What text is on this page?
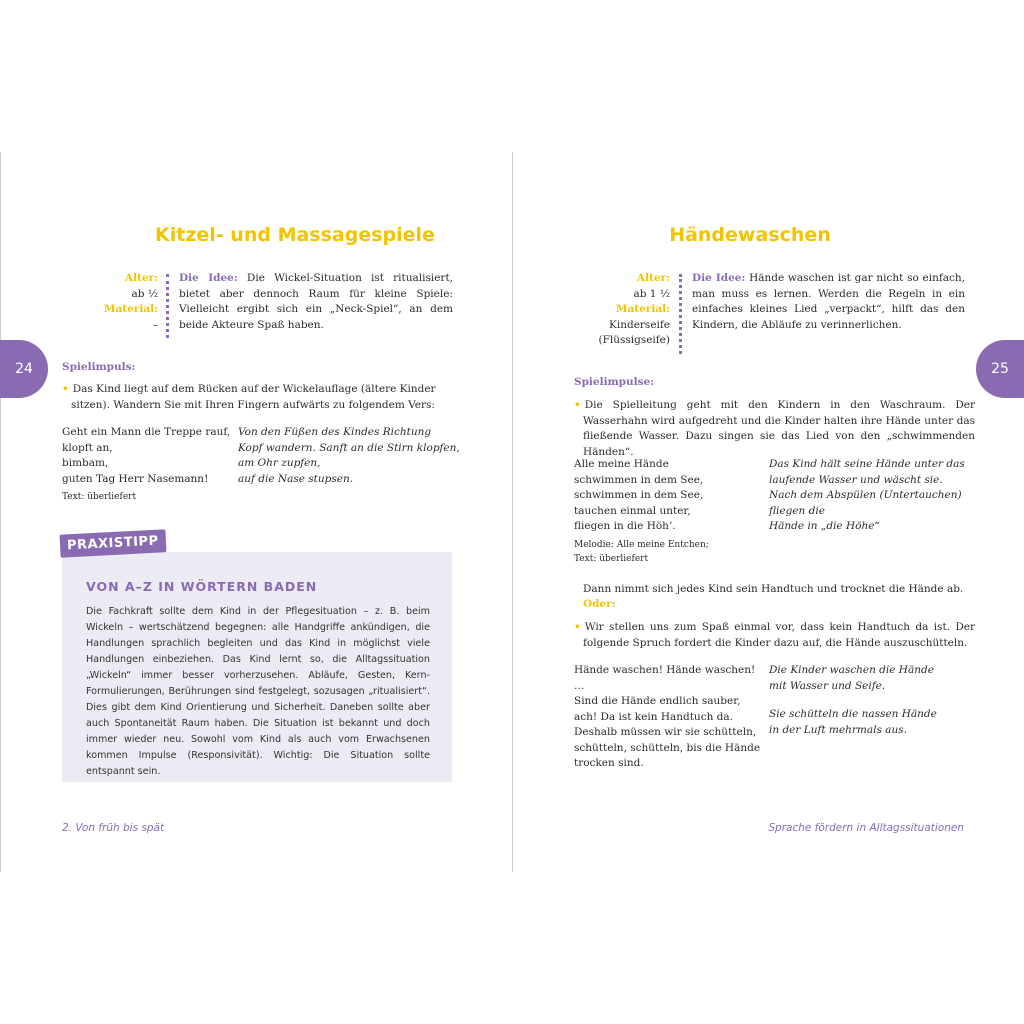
Kitzel- und Massagespiele
Alter:
ab ½
Material:
–
Die Idee: Die Wickel-Situation ist ritualisiert, bietet aber dennoch Raum für kleine Spiele: Vielleicht ergibt sich ein „Neck-Spiel“, an dem beide Akteure Spaß haben.
24	Spielimpuls:
• Das Kind liegt auf dem Rücken auf der Wickelauflage (ältere Kinder sitzen). Wandern Sie mit Ihren Fingern aufwärts zu folgendem Vers:
Geht ein Mann die Treppe rauf,
klopft an,
bimbam,
guten Tag Herr Nasemann!
Von den Füßen des Kindes Richtung
Kopf wandern. Sanft an die Stirn klopfen,
am Ohr zupfen,
auf die Nase stupsen.
Text: überliefert
PRAXISTIPP
VON A–Z IN WÖRTERN BADEN
Die Fachkraft sollte dem Kind in der Pflegesituation – z. B. beim Wickeln – wertschätzend begegnen: alle Handgriffe ankündigen, die Handlungen sprachlich begleiten und das Kind in möglichst viele Handlungen einbeziehen. Das Kind lernt so, die Alltagssituation „Wickeln“ immer besser vorherzusehen. Abläufe, Gesten, Kern-Formulierungen, Berührungen sind festgelegt, sozusagen „ritualisiert“. Dies gibt dem Kind Orientierung und Sicherheit. Daneben sollte aber auch Spontaneität Raum haben. Die Situation ist bekannt und doch immer wieder neu. Sowohl vom Kind als auch vom Erwachsenen kommen Impulse (Responsivität). Wichtig: Die Situation sollte entspannt sein.
2. Von früh bis spät
Händewaschen
Alter:
ab 1 ½
Material:
Kinderseife
(Flüssigseife)
Die Idee: Hände waschen ist gar nicht so einfach, man muss es lernen. Werden die Regeln in ein einfaches kleines Lied „verpackt“, hilft das den Kindern, die Abläufe zu verinnerlichen.
25
Spielimpulse:
• Die Spielleitung geht mit den Kindern in den Waschraum. Der Wasserhahn wird aufgedreht und die Kinder halten ihre Hände unter das fließende Wasser. Dazu singen sie das Lied von den „schwimmenden Händen“.
Alle meine Hände
schwimmen in dem See,
schwimmen in dem See,
tauchen einmal unter,
fliegen in die Höh’.
Das Kind hält seine Hände unter das
laufende Wasser und wäscht sie.
Nach dem Abspülen (Untertauchen)
fliegen die
Hände in „die Höhe“
Melodie: Alle meine Entchen;
Text: überliefert
Dann nimmt sich jedes Kind sein Handtuch und trocknet die Hände ab.
Oder:
• Wir stellen uns zum Spaß einmal vor, dass kein Handtuch da ist. Der folgende Spruch fordert die Kinder dazu auf, die Hände auszuschütteln.
Hände waschen! Hände waschen! …
Sind die Hände endlich sauber,
ach! Da ist kein Handtuch da.
Deshalb müssen wir sie schütteln,
schütteln, schütteln, bis die Hände
trocken sind.
Die Kinder waschen die Hände
mit Wasser und Seife.
Sie schütteln die nassen Hände
in der Luft mehrmals aus.
Sprache fördern in Alltagssituationen
